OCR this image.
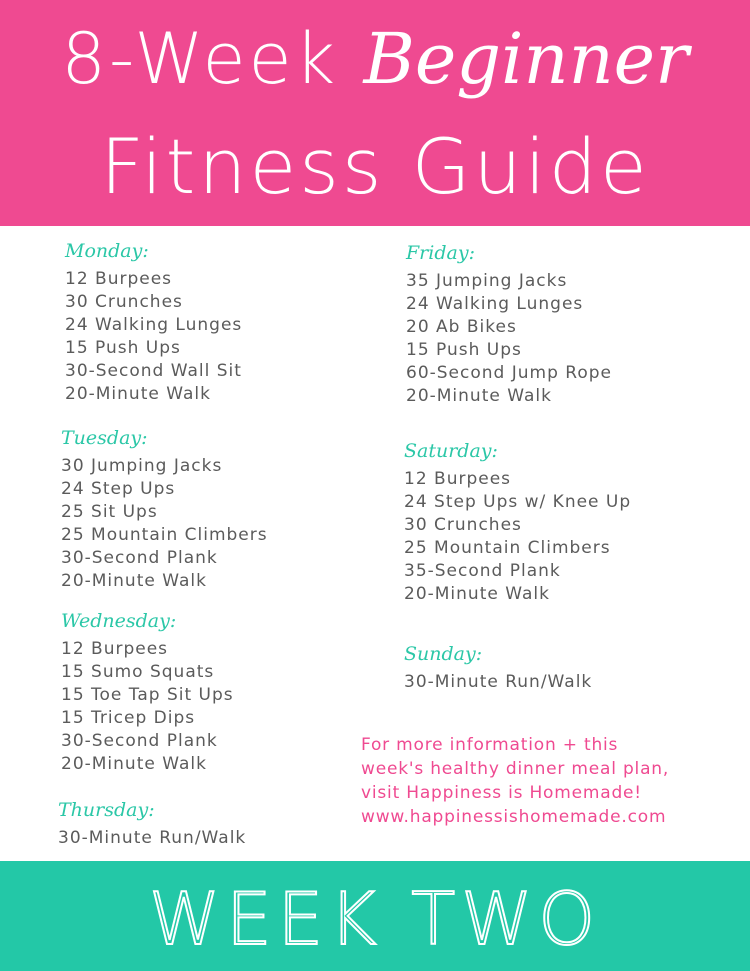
8-Week Beginner
Fitness Guide
Monday:
12 Burpees
30 Crunches
24 Walking Lunges
15 Push Ups
30-Second Wall Sit
20-Minute Walk
Tuesday:
30 Jumping Jacks
24 Step Ups
25 Sit Ups
25 Mountain Climbers
30-Second Plank
20-Minute Walk
Wednesday:
12 Burpees
15 Sumo Squats
15 Toe Tap Sit Ups
15 Tricep Dips
30-Second Plank
20-Minute Walk
Thursday:
30-Minute Run/Walk
Friday:
35 Jumping Jacks
24 Walking Lunges
20 Ab Bikes
15 Push Ups
60-Second Jump Rope
20-Minute Walk
Saturday:
12 Burpees
24 Step Ups w/ Knee Up
30 Crunches
25 Mountain Climbers
35-Second Plank
20-Minute Walk
Sunday:
30-Minute Run/Walk
For more information + this
week's healthy dinner meal plan,
visit Happiness is Homemade!
www.happinessishomemade.com
WEEK TWO
